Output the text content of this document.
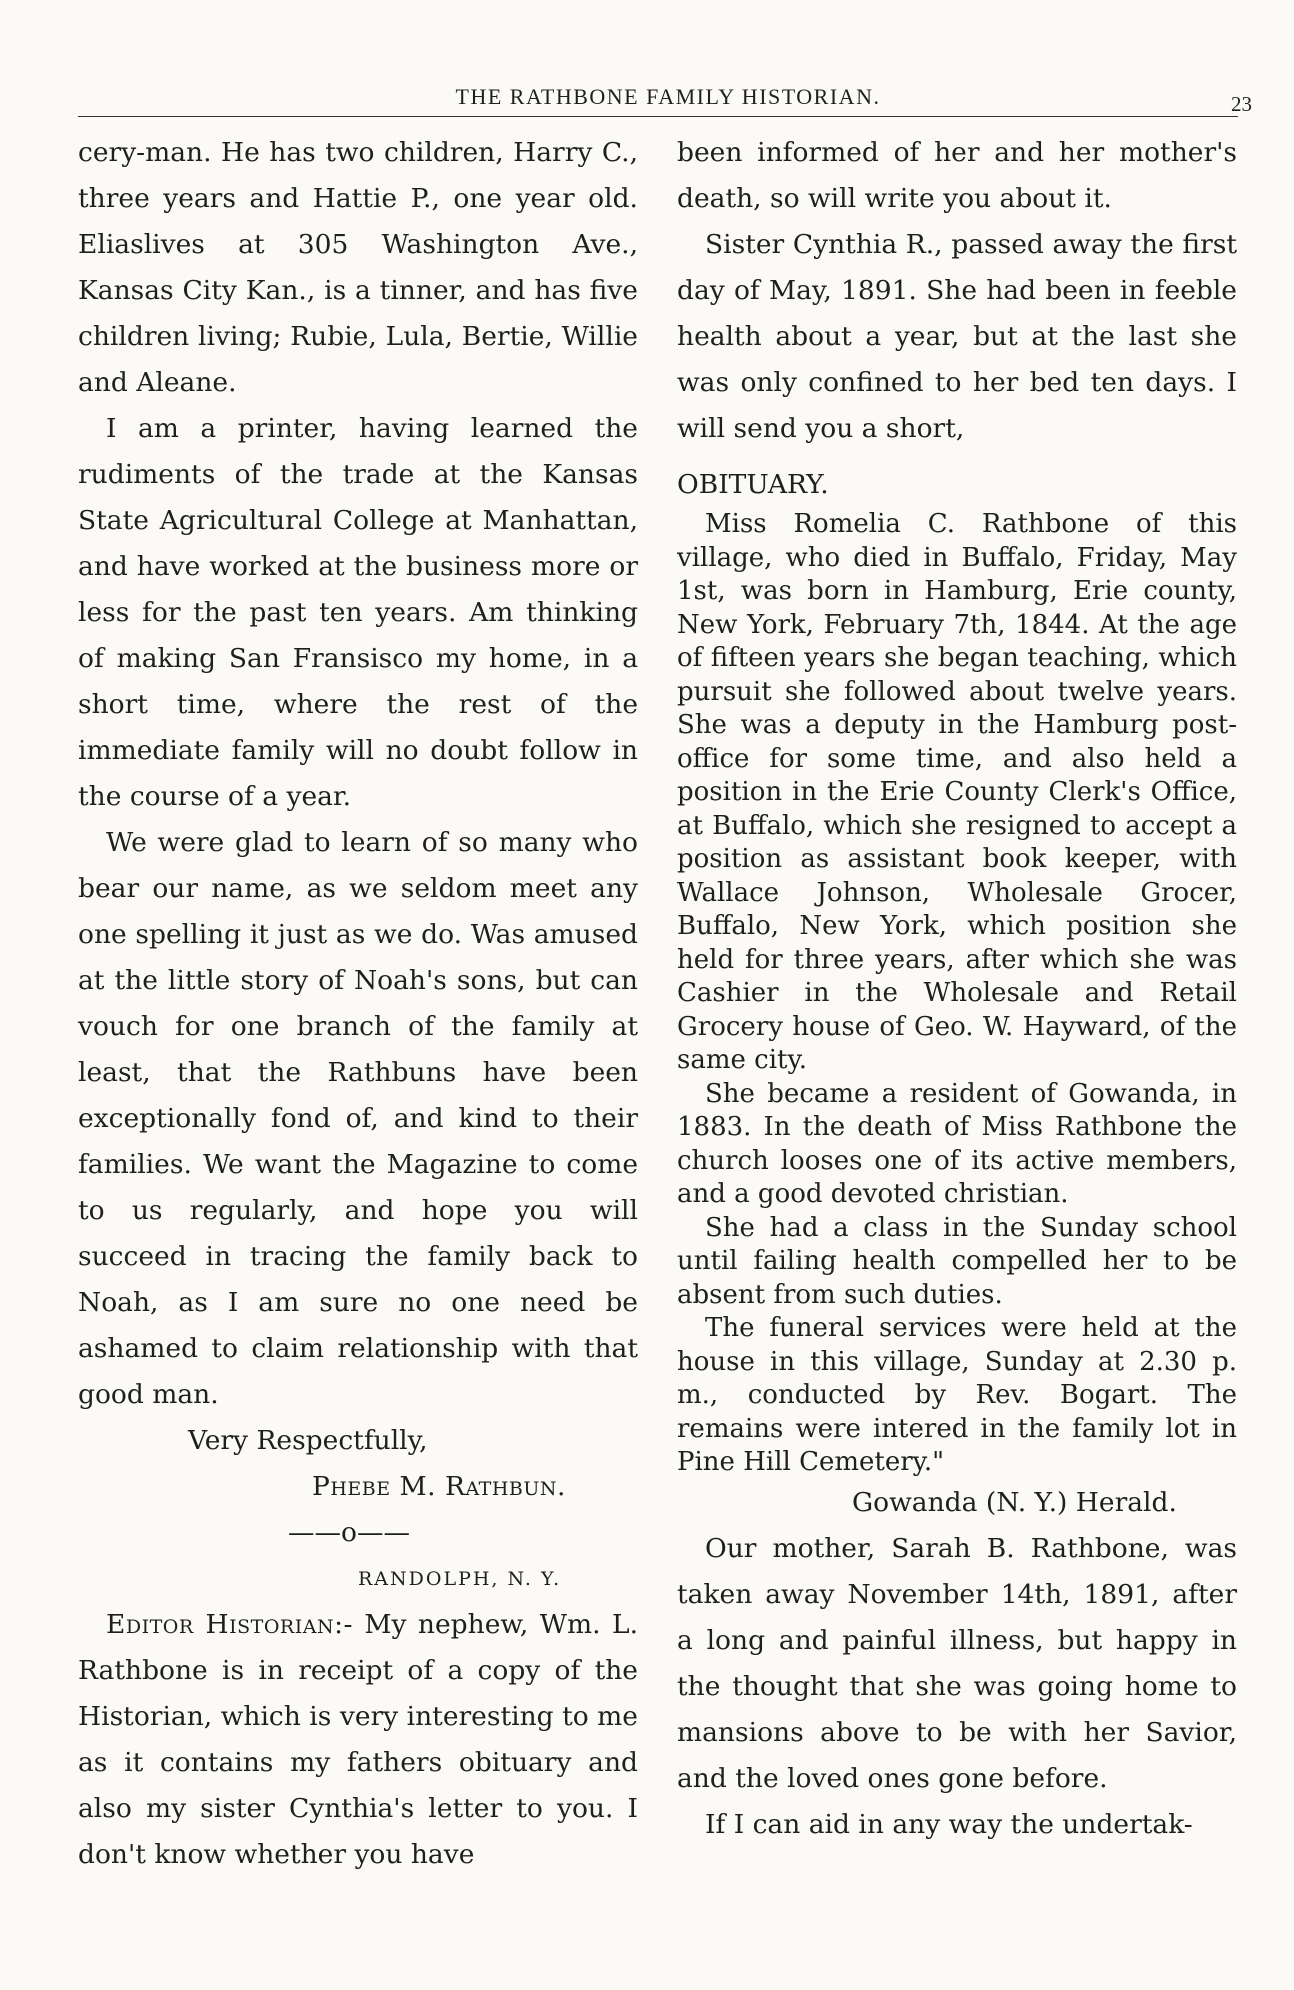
THE RATHBONE FAMILY HISTORIAN.	23

cery-man. He has two children, Harry C., three years and Hattie P., one year old. Eliaslives at 305 Washington Ave., Kansas City Kan., is a tinner, and has five children living; Rubie, Lula, Bertie, Willie and Aleane.

I am a printer, having learned the rudiments of the trade at the Kansas State Agricultural College at Manhattan, and have worked at the business more or less for the past ten years. Am thinking of making San Fransisco my home, in a short time, where the rest of the immediate family will no doubt follow in the course of a year.

We were glad to learn of so many who bear our name, as we seldom meet any one spelling it just as we do. Was amused at the little story of Noah's sons, but can vouch for one branch of the family at least, that the Rathbuns have been exceptionally fond of, and kind to their families. We want the Magazine to come to us regularly, and hope you will succeed in tracing the family back to Noah, as I am sure no one need be ashamed to claim relationship with that good man.

Very Respectfully,

Phebe M. Rathbun.

——o——

RANDOLPH, N. Y.

Editor Historian:- My nephew, Wm. L. Rathbone is in receipt of a copy of the Historian, which is very interesting to me as it contains my fathers obituary and also my sister Cynthia's letter to you. I don't know whether you have

been informed of her and her mother's death, so will write you about it.

Sister Cynthia R., passed away the first day of May, 1891. She had been in feeble health about a year, but at the last she was only confined to her bed ten days. I will send you a short,

OBITUARY.

Miss Romelia C. Rathbone of this village, who died in Buffalo, Friday, May 1st, was born in Hamburg, Erie county, New York, February 7th, 1844. At the age of fifteen years she began teaching, which pursuit she followed about twelve years. She was a deputy in the Hamburg post-office for some time, and also held a position in the Erie County Clerk's Office, at Buffalo, which she resigned to accept a position as assistant book keeper, with Wallace Johnson, Wholesale Grocer, Buffalo, New York, which position she held for three years, after which she was Cashier in the Wholesale and Retail Grocery house of Geo. W. Hayward, of the same city.

She became a resident of Gowanda, in 1883. In the death of Miss Rathbone the church looses one of its active members, and a good devoted christian.

She had a class in the Sunday school until failing health compelled her to be absent from such duties.

The funeral services were held at the house in this village, Sunday at 2.30 p. m., conducted by Rev. Bogart. The remains were intered in the family lot in Pine Hill Cemetery."

Gowanda (N. Y.) Herald.

Our mother, Sarah B. Rathbone, was taken away November 14th, 1891, after a long and painful illness, but happy in the thought that she was going home to mansions above to be with her Savior, and the loved ones gone before.

If I can aid in any way the undertak-
